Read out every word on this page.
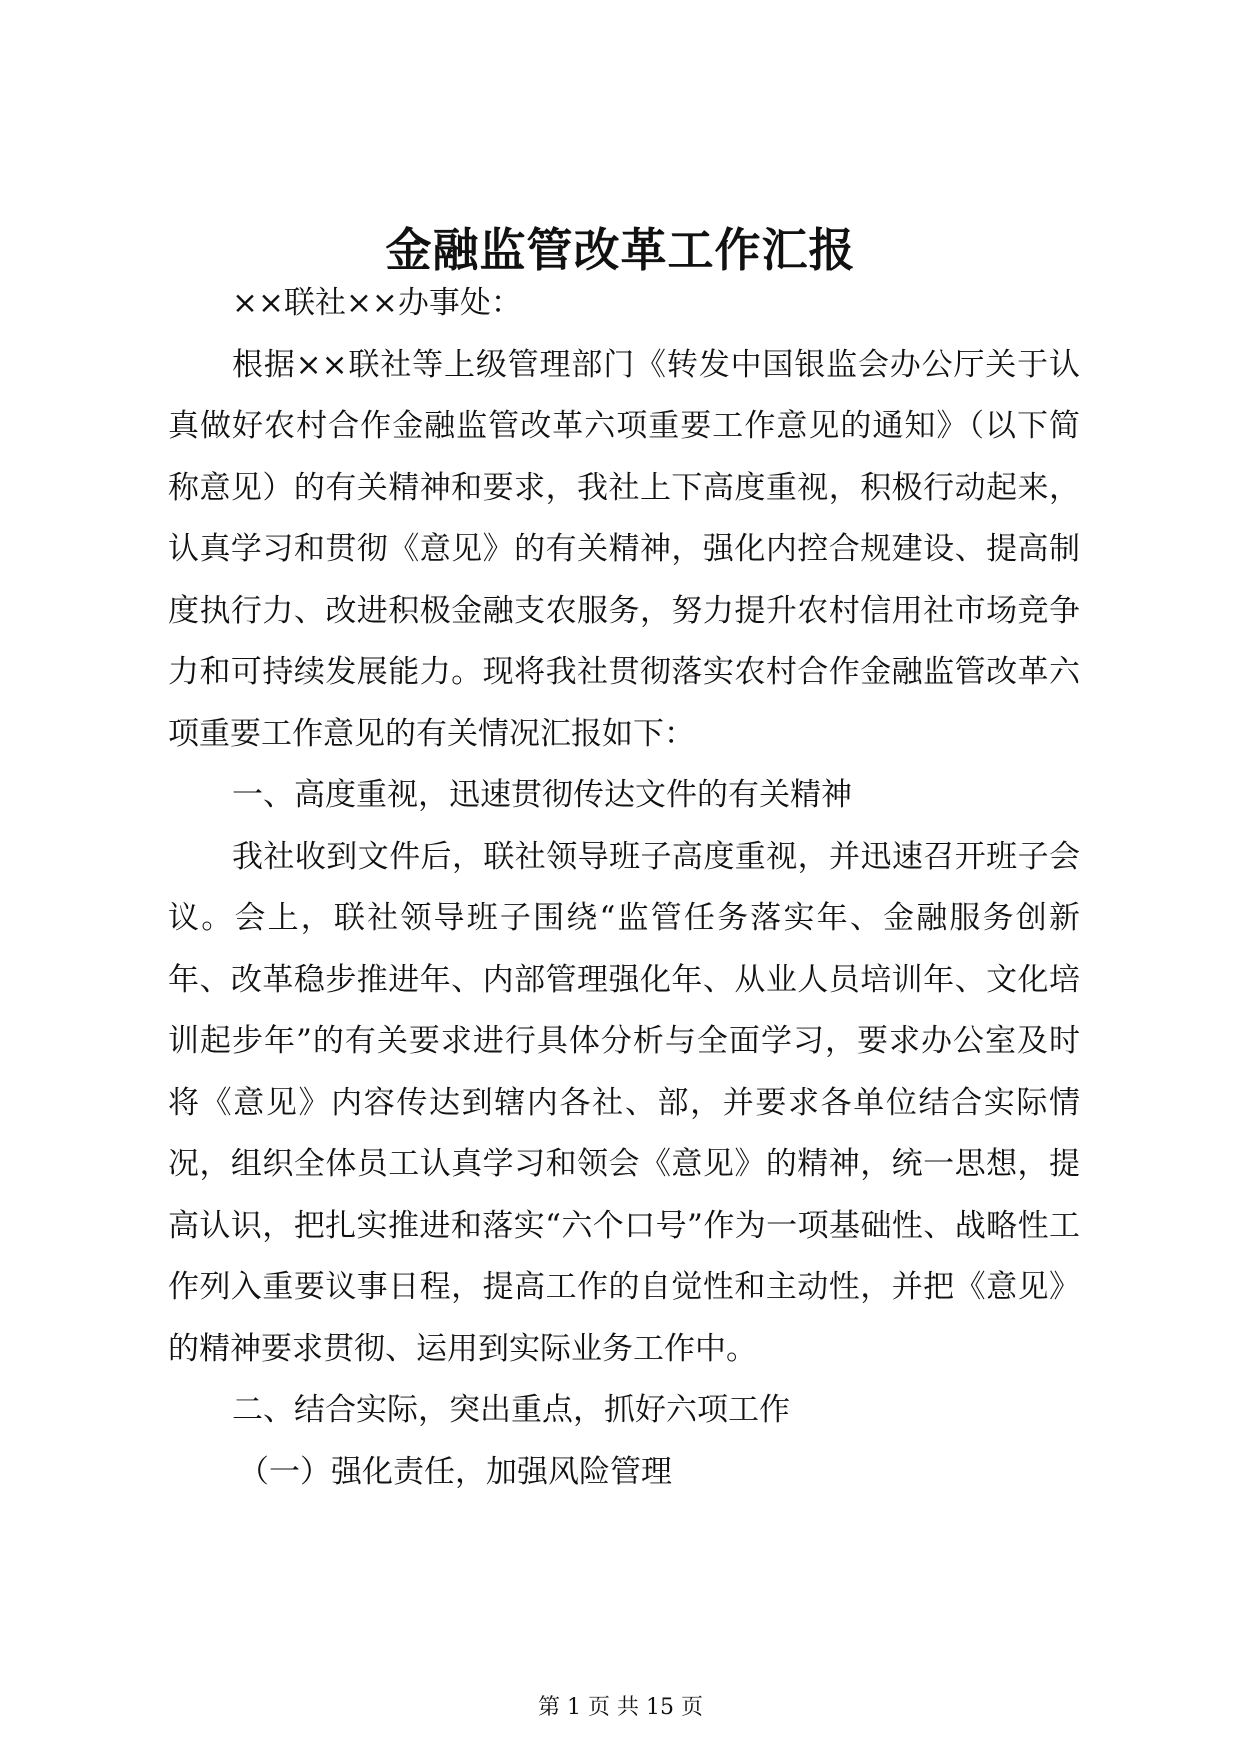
金融监管改革工作汇报

××联社××办事处：

根据××联社等上级管理部门《转发中国银监会办公厅关于认真做好农村合作金融监管改革六项重要工作意见的通知》（以下简称意见）的有关精神和要求，我社上下高度重视，积极行动起来，认真学习和贯彻《意见》的有关精神，强化内控合规建设、提高制度执行力、改进积极金融支农服务，努力提升农村信用社市场竞争力和可持续发展能力。现将我社贯彻落实农村合作金融监管改革六项重要工作意见的有关情况汇报如下：

一、高度重视，迅速贯彻传达文件的有关精神

我社收到文件后，联社领导班子高度重视，并迅速召开班子会议。会上，联社领导班子围绕“监管任务落实年、金融服务创新年、改革稳步推进年、内部管理强化年、从业人员培训年、文化培训起步年”的有关要求进行具体分析与全面学习，要求办公室及时将《意见》内容传达到辖内各社、部，并要求各单位结合实际情况，组织全体员工认真学习和领会《意见》的精神，统一思想，提高认识，把扎实推进和落实“六个口号”作为一项基础性、战略性工作列入重要议事日程，提高工作的自觉性和主动性，并把《意见》的精神要求贯彻、运用到实际业务工作中。

二、结合实际，突出重点，抓好六项工作

（一）强化责任，加强风险管理

第 1 页 共 15 页
